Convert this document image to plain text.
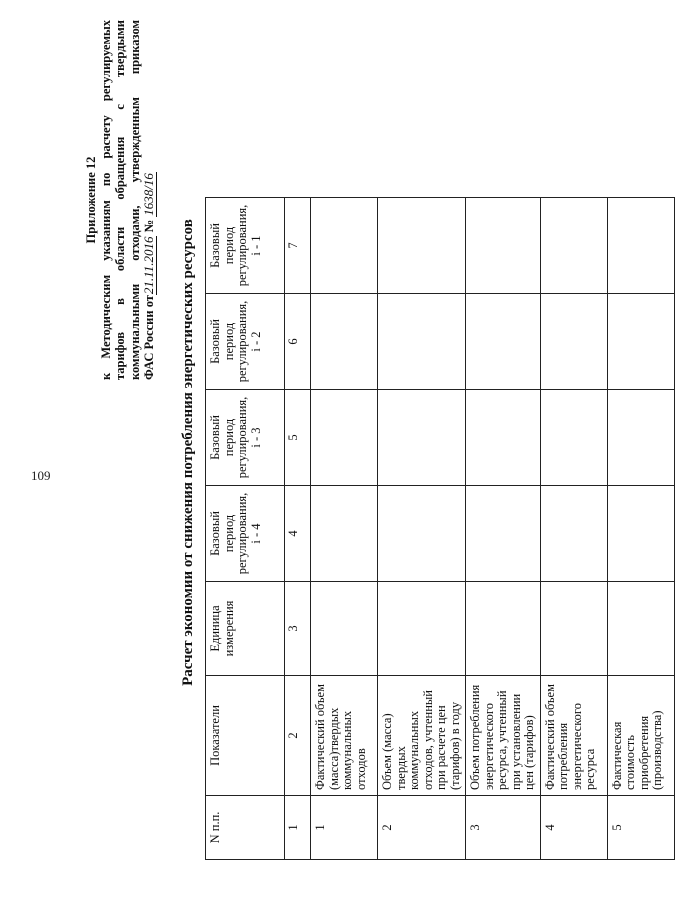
109
Приложение 12 к Методическим указаниям по расчету регулируемых тарифов в области обращения с твердыми коммунальными отходами, утвержденным приказом ФАС России от21.11.2016 № 1638/16
Расчет экономии от снижения потребления энергетических ресурсов
N п.п.	Показатели	Единица измерения	Базовый период регулирования, i - 4	Базовый период регулирования, i - 3	Базовый период регулирования, i - 2	Базовый период регулирования, i - 1
1	2	3	4	5	6	7
1	Фактический объем (масса)твердых коммунальных отходов					
2	Объем (масса) твердых коммунальных отходов, учтенный при расчете цен (тарифов) в году					
3	Объем потребления энергетического ресурса, учтенный при установлении цен (тарифов)					
4	Фактический объем потребления энергетического ресурса					
5	Фактическая стоимость приобретения (производства)					
